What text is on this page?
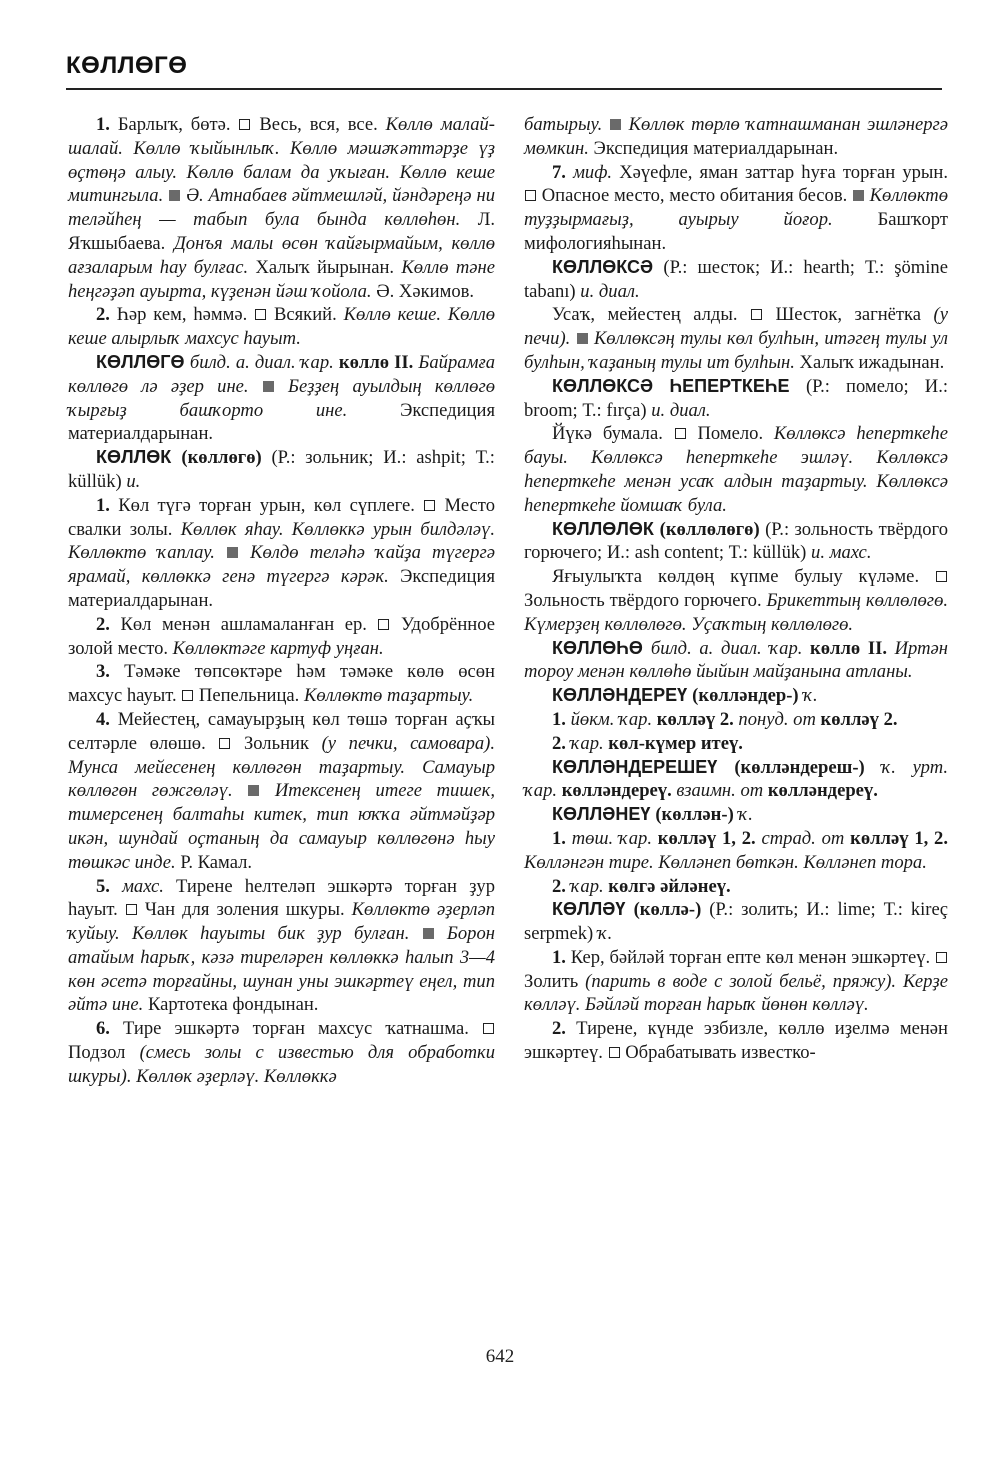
КӨЛЛӨГӨ

1. Барлыҡ, бөтә.  Весь, вся, все. Көллө малай-шалай. Көллө ҡыйынлыҡ. Көллө мәшәҡәттәрҙе үҙ өҫтөңә алыу. Көллө балам да уҡыған. Көллө кеше митингыла.  Ә. Атнабаев әйтмешләй, йәндәреңә ни теләйһең — табып була бында көллөһөн. Л. Яҡшыбаева. Донъя малы өсөн ҡайғырмайым, көллө ағзаларым һау булғас. Халыҡ йырынан. Көллө тәне һеңгәҙәп ауырта, күҙенән йәш ҡойола. Ә. Хәкимов.

2. Һәр кем, һәммә.  Всякий. Көллө кеше. Көллө кеше алырлыҡ махсус һауыт.

КӨЛЛӨГӨ билд. а. диал. ҡар. көллө II. Байрамға көллөгө лә әҙер ине.  Беҙҙең ауылдың көллөгө ҡырғыҙ башҡорто ине. Экспедиция материалдарынан.

КӨЛЛӨК (көллөгө) (Р.: зольник; И.: ashpit; Т.: küllük) и.

1. Көл түгә торған урын, көл сүплеге.  Место свалки золы. Көллөк яһау. Көллөккә урын билдәләү. Көллөктө ҡаплау.  Көлдө теләһә ҡайҙа түгергә ярамай, көллөккә генә түгергә кәрәк. Экспедиция материалдарынан.

2. Көл менән ашламаланған ер.  Удобрённое золой место. Көллөктәге картуф уңған.

3. Тәмәке төпсөктәре һәм тәмәке көлө өсөн махсус һауыт.  Пепельница. Көллөктө таҙартыу.

4. Мейестең, самауырҙың көл төшә торған аҫҡы селтәрле өлөшө.  Зольник (у печки, самовара). Мунса мейесенең көллөгөн таҙартыу. Самауыр көллөгөн гөжгөләү.  Итексенең итеге тишек, тимерсенең балтаһы китек, тип юҡҡа әйтмәйҙәр икән, шундай оҫтаның да самауыр көллөгөнә һыу төшкәс инде. Р. Камал.

5. махс. Тирене һелтеләп эшкәртә торған ҙур һауыт.  Чан для золения шкуры. Көллөктө әҙерләп ҡуйыу. Көллөк һауыты бик ҙур булған.  Борон атайым һарыҡ, кәзә тиреләрен көллөккә һалып 3—4 көн әсетә торғайны, шунан уны эшкәртеү еңел, тип әйтә ине. Картотека фондынан.

6. Тире эшкәртә торған махсус ҡатнашма.  Подзол (смесь золы с известью для обработки шкуры). Көллөк әҙерләү. Көллөккә

батырыу.  Көллөк төрлө ҡатнашманан эшләнергә мөмкин. Экспедиция материалдарынан.

7. миф. Хәүефле, яман заттар һуға торған урын.  Опасное место, место обитания бесов.  Көллөктө туҙҙырмағыҙ, ауырыу йоғор. Башҡорт мифологияһынан.

КӨЛЛӨКСӘ (Р.: шесток; И.: hearth; Т.: şömine tabanı) и. диал.

Усаҡ, мейестең алды.  Шесток, загнётка (у печи).  Көллөксәң тулы көл булһын, итәгең тулы ул булһын, ҡаҙаның тулы ит булһын. Халыҡ ижадынан.

КӨЛЛӨКСӘ ҺЕПЕРТКЕҺЕ (Р.: помело; И.: broom; Т.: fırça) и. диал.

Йүкә бумала.  Помело. Көллөксә һеперткеһе бауы. Көллөксә һеперткеһе эшләү. Көллөксә һеперткеһе менән усаҡ алдын таҙартыу. Көллөксә һеперткеһе йомшаҡ була.

КӨЛЛӨЛӨК (көллөлөгө) (Р.: зольность твёрдого горючего; И.: ash content; Т.: küllük) и. махс.

Яғыулыҡта көлдөң күпме булыу күләме.  Зольность твёрдого горючего. Брикеттың көллөлөгө. Күмерҙең көллөлөгө. Уҫаҡтың көллөлөгө.

КӨЛЛӨҺӨ билд. а. диал. ҡар. көллө II. Иртән тороу менән көллөһө йыйын майҙанына атланы.

КӨЛЛӘНДЕРЕҮ (көлләндер-) ҡ.

1. йөкм. ҡар. көлләү 2. понуд. от көлләү 2.

2. ҡар. көл-күмер итеү.

КӨЛЛӘНДЕРЕШЕҮ (көлләндереш-) ҡ. урт. ҡар. көлләндереү. взаимн. от көлләндереү.

КӨЛЛӘНЕҮ (көллән-) ҡ.

1. төш. ҡар. көлләү 1, 2. страд. от көлләү 1, 2. Көлләнгән тире. Көлләнеп бөткән. Көлләнеп тора.

2. ҡар. көлгә әйләнеү.

КӨЛЛӘҮ (көллә-) (Р.: золить; И.: lime; Т.: kireç serpmek) ҡ.

1. Кер, бәйләй торған епте көл менән эшкәртеү.  Золить (парить в воде с золой бельё, пряжу). Керҙе көлләү. Бәйләй торған һарыҡ йөнөн көлләү.

2. Тирене, күнде эзбизле, көллө иҙелмә менән эшкәртеү.  Обрабатывать известко-

642
